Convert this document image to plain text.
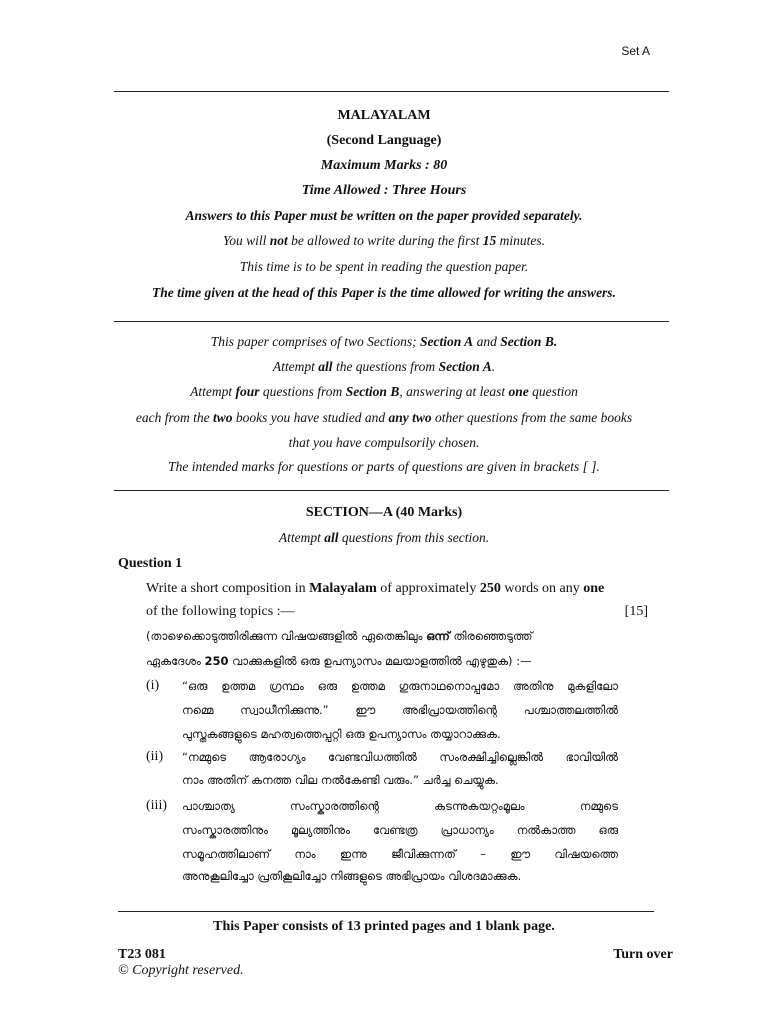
Set A
MALAYALAM
(Second Language)
Maximum Marks : 80
Time Allowed : Three Hours
Answers to this Paper must be written on the paper provided separately.
You will not be allowed to write during the first 15 minutes.
This time is to be spent in reading the question paper.
The time given at the head of this Paper is the time allowed for writing the answers.
This paper comprises of two Sections; Section A and Section B.
Attempt all the questions from Section A.
Attempt four questions from Section B, answering at least one question
each from the two books you have studied and any two other questions from the same books
that you have compulsorily chosen.
The intended marks for questions or parts of questions are given in brackets [ ].
SECTION—A (40 Marks)
Attempt all questions from this section.
Question 1
Write a short composition in Malayalam of approximately 250 words on any one
of the following topics :—	[15]
(താഴെക്കൊടുത്തിരിക്കുന്ന വിഷയങ്ങളിൽ ഏതെങ്കിലും ഒന്ന് തിരഞ്ഞെടുത്ത്
ഏകദേശം 250 വാക്കുകളിൽ ഒരു ഉപന്യാസം മലയാളത്തിൽ എഴുതുക) :—
(i) “ഒരു ഉത്തമ ഗ്രന്ഥം ഒരു ഉത്തമ ഗുരുനാഥനൊപ്പമോ അതിനു മുകളിലോ
നമ്മെ സ്വാധീനിക്കുന്നു.” ഈ അഭിപ്രായത്തിന്റെ പശ്ചാത്തലത്തിൽ
പുസ്തകങ്ങളുടെ മഹത്വത്തെപ്പറ്റി ഒരു ഉപന്യാസം തയ്യാറാക്കുക.
(ii) “നമ്മുടെ ആരോഗ്യം വേണ്ടവിധത്തിൽ സംരക്ഷിച്ചില്ലെങ്കിൽ ഭാവിയിൽ
നാം അതിന് കനത്ത വില നൽകേണ്ടി വരും.” ചർച്ച ചെയ്യുക.
(iii) പാശ്ചാത്യ സംസ്കാരത്തിന്റെ കടന്നുകയറ്റംമൂലം നമ്മുടെ
സംസ്കാരത്തിനും മൂല്യത്തിനും വേണ്ടത്ര പ്രാധാന്യം നൽകാത്ത ഒരു
സമൂഹത്തിലാണ് നാം ഇന്നു ജീവിക്കുന്നത് – ഈ വിഷയത്തെ
അനുകൂലിച്ചോ പ്രതികൂലിച്ചോ നിങ്ങളുടെ അഭിപ്രായം വിശദമാക്കുക.
This Paper consists of 13 printed pages and 1 blank page.
T23 081	Turn over
© Copyright reserved.
